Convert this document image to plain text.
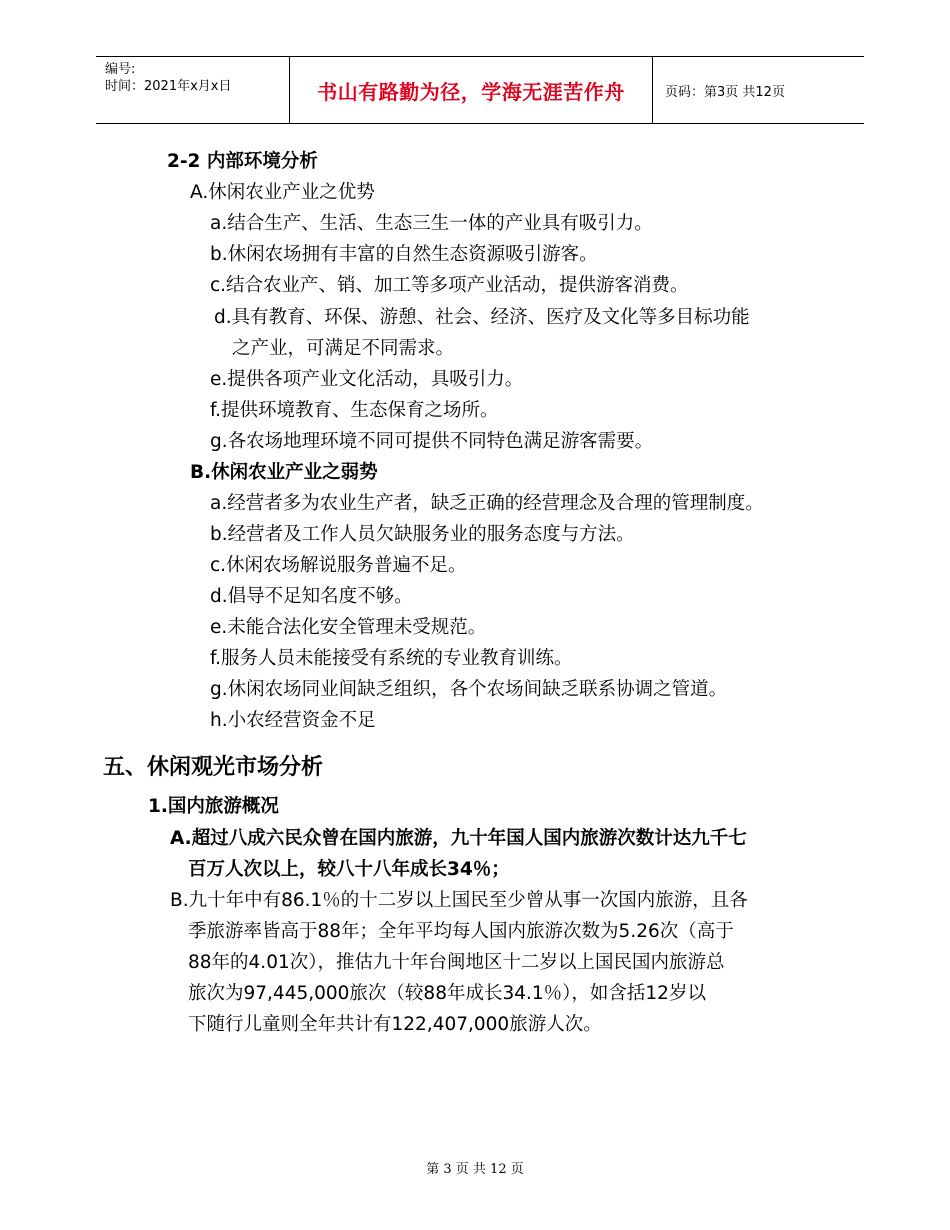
编号:
时间：2021年x月x日	书山有路勤为径，学海无涯苦作舟	页码：第3页 共12页
2-2 内部环境分析
A.休闲农业产业之优势
a.结合生产、生活、生态三生一体的产业具有吸引力。
b.休闲农场拥有丰富的自然生态资源吸引游客。
c.结合农业产、销、加工等多项产业活动，提供游客消费。
d.具有教育、环保、游憩、社会、经济、医疗及文化等多目标功能
之产业，可满足不同需求。
e.提供各项产业文化活动，具吸引力。
f.提供环境教育、生态保育之场所。
g.各农场地理环境不同可提供不同特色满足游客需要。
B.休闲农业产业之弱势
a.经营者多为农业生产者，缺乏正确的经营理念及合理的管理制度。
b.经营者及工作人员欠缺服务业的服务态度与方法。
c.休闲农场解说服务普遍不足。
d.倡导不足知名度不够。
e.未能合法化安全管理未受规范。
f.服务人员未能接受有系统的专业教育训练。
g.休闲农场同业间缺乏组织，各个农场间缺乏联系协调之管道。
h.小农经营资金不足
五、休闲观光市场分析
1.国内旅游概况
A.超过八成六民众曾在国内旅游，九十年国人国内旅游次数计达九千七
百万人次以上，较八十八年成长34％；
B.九十年中有86.1％的十二岁以上国民至少曾从事一次国内旅游，且各
季旅游率皆高于88年；全年平均每人国内旅游次数为5.26次（高于
88年的4.01次），推估九十年台闽地区十二岁以上国民国内旅游总
旅次为97,445,000旅次（较88年成长34.1％），如含括12岁以
下随行儿童则全年共计有122,407,000旅游人次。
第 3 页 共 12 页
